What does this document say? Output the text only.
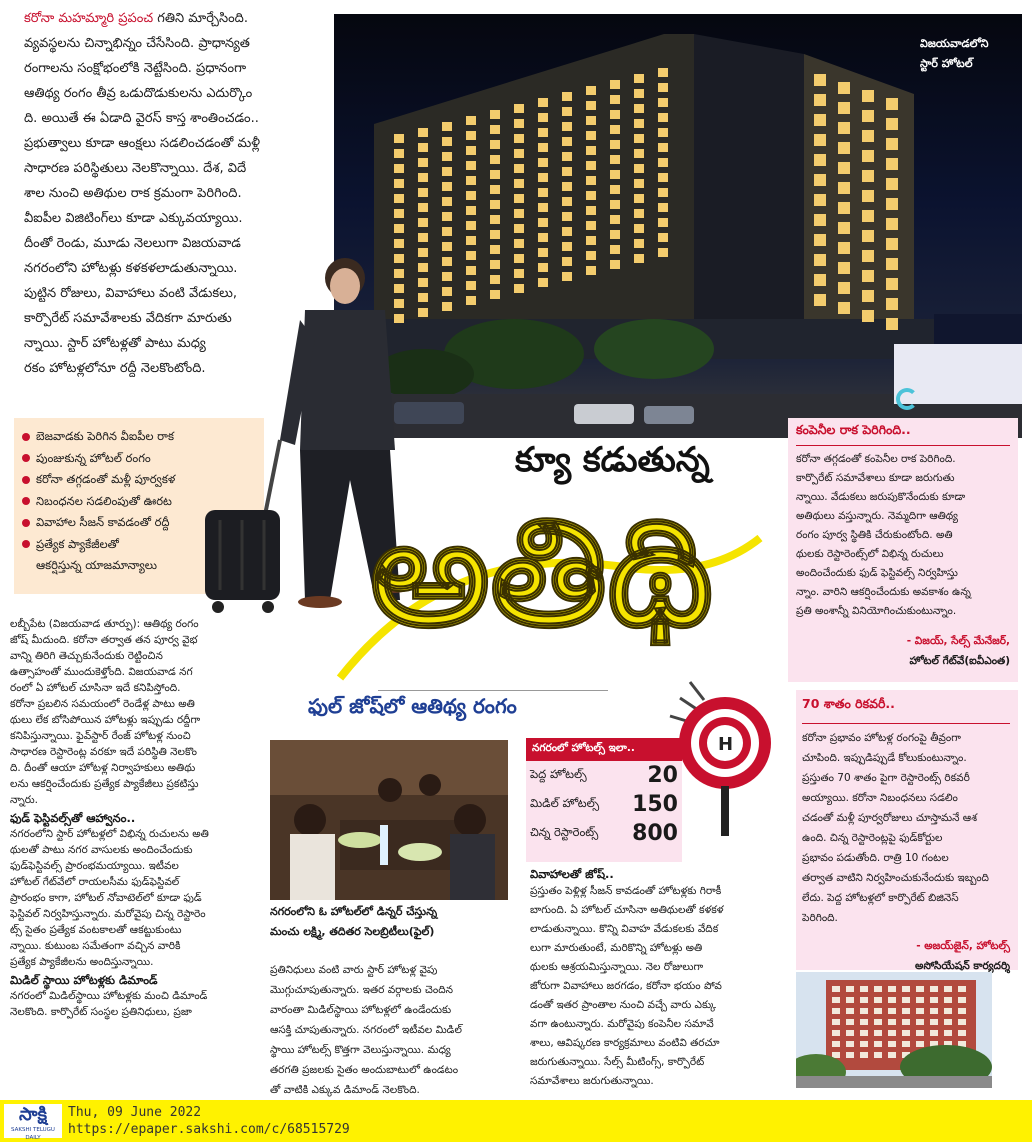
విజయవాడలోని
స్టార్ హోటల్

కరోనా మహమ్మారి ప్రపంచ గతిని మార్చేసింది.

వ్యవస్థలను చిన్నాభిన్నం చేసేసింది. ప్రాధాన్యత

రంగాలను సంక్షోభంలోకి నెట్టేసింది. ప్రధానంగా

ఆతిథ్య రంగం తీవ్ర ఒడుదొడుకులను ఎదుర్కొం

ది. అయితే ఈ ఏడాది వైరస్ కాస్త శాంతించడం..

ప్రభుత్వాలు కూడా ఆంక్షలు సడలించడంతో మళ్లీ

సాధారణ పరిస్థితులు నెలకొన్నాయి. దేశ, విదే

శాల నుంచి అతిథుల రాక క్రమంగా పెరిగింది.

వీఐపీల విజిటింగ్‌లు కూడా ఎక్కువయ్యాయి.

దీంతో రెండు, మూడు నెలలుగా విజయవాడ

నగరంలోని హోటళ్లు కళకళలాడుతున్నాయి.

పుట్టిన రోజులు, వివాహాలు వంటి వేడుకలు,

కార్పొరేట్ సమావేశాలకు వేదికగా మారుతు

న్నాయి. స్టార్ హోటళ్లతో పాటు మధ్య

రకం హోటళ్లలోనూ రద్దీ నెలకొంటోంది.

బెజవాడకు పెరిగిన వీఐపీల రాక
పుంజుకున్న హోటల్ రంగం
కరోనా తగ్గడంతో మళ్లీ పూర్వకళ
నిబంధనల సడలింపుతో ఊరట
వివాహాల సీజన్ కావడంతో రద్దీ
ప్రత్యేక ప్యాకేజీలతో
ఆకర్షిస్తున్న యాజమాన్యాలు
క్యూ కడుతున్న
అతిథి
ఫుల్ జోష్‌లో ఆతిథ్య రంగం
కంపెనీల రాక పెరిగింది..
కరోనా తగ్గడంతో కంపెనీల రాక పెరిగింది.
కార్పొరేట్ సమావేశాలు కూడా జరుగుతు
న్నాయి. వేడుకలు జరుపుకొనేందుకు కూడా
అతిథులు వస్తున్నారు. నెమ్మదిగా ఆతిథ్య
రంగం పూర్వ స్థితికి చేరుకుంటోంది. అతి
థులకు రెస్టారెంట్స్‌లో విభిన్న రుచులు
అందించేందుకు ఫుడ్ ఫెస్టివల్స్ నిర్వహిస్తు
న్నాం. వారిని ఆకర్షించేందుకు అవకాశం ఉన్న
ప్రతి అంశాన్నీ వినియోగించుకుంటున్నాం.
- విజయ్, సేల్స్ మేనేజర్,
హోటల్ గేట్‌వే(ఐవీఎంత)
70 శాతం రికవరీ..
కరోనా ప్రభావం హోటళ్ల రంగంపై తీవ్రంగా
చూపింది. ఇప్పుడిప్పుడే కోలుకుంటున్నాం.
ప్రస్తుతం 70 శాతం పైగా రెస్టారెంట్స్ రికవరీ
అయ్యాయి. కరోనా నిబంధనలు సడలిం
చడంతో మళ్లీ పూర్వరోజులు చూస్తామనే ఆశ
ఉంది. చిన్న రెస్టారెంట్లపై ఫుడ్‌కోర్టుల
ప్రభావం పడుతోంది. రాత్రి 10 గంటల
తర్వాత వాటిని నిర్వహించుకునేందుకు ఇబ్బంది
లేదు. పెద్ద హోటళ్లలో కార్పొరేట్ బిజినెస్
పెరిగింది.
- అజయ్‌జైన్, హోటల్స్
అసోసియేషన్ కార్యదర్శి
H
నగరంలో హోటల్స్ ఇలా..
పెద్ద హోటల్స్	20
మిడిల్ హోటల్స్ 150
చిన్న రెస్టారెంట్స్ 800
నగరంలోని ఓ హోటల్‌లో డిన్నర్ చేస్తున్న
మంచు లక్ష్మి, తదితర సెలబ్రిటీలు(ఫైల్)
లబ్బీపేట (విజయవాడ తూర్పు): ఆతిథ్య రంగం
జోష్ మీదుంది. కరోనా తర్వాత తన పూర్వ వైభ
వాన్ని తిరిగి తెచ్చుకునేందుకు రెట్టించిన
ఉత్సాహంతో ముందుకెళ్తోంది. విజయవాడ నగ
రంలో ఏ హోటల్ చూసినా ఇదే కనిపిస్తోంది.
కరోనా ప్రబలిన సమయంలో రెండేళ్ల పాటు అతి
థులు లేక బోసిపోయిన హోటళ్లు ఇప్పుడు రద్దీగా
కనిపిస్తున్నాయి. ఫైవ్‌స్టార్ రేంజ్ హోటళ్ల నుంచి
సాధారణ రెస్టారెంట్ల వరకూ ఇదే పరిస్థితి నెలకొం
ది. దీంతో ఆయా హోటళ్ల నిర్వాహకులు అతిథు
లను ఆకర్షించేందుకు ప్రత్యేక ప్యాకేజీలు ప్రకటిస్తు
న్నారు.
ఫుడ్ ఫెస్టివల్స్‌తో ఆహ్వానం..
నగరంలోని స్టార్ హోటళ్లలో విభిన్న రుచులను అతి
థులతో పాటు నగర వాసులకు అందించేందుకు
ఫుడ్‌ఫెస్టివల్స్ ప్రారంభమయ్యాయి. ఇటీవల
హోటల్ గేట్‌వేలో రాయలసీమ ఫుడ్‌ఫెస్టివల్
ప్రారంభం కాగా, హోటల్ నోవాటెల్‌లో కూడా ఫుడ్
ఫెస్టివల్ నిర్వహిస్తున్నారు. మరోవైపు చిన్న రెస్టారెం
ట్స్ సైతం ప్రత్యేక వంటకాలతో ఆకట్టుకుంటు
న్నాయి. కుటుంబ సమేతంగా వచ్చిన వారికి
ప్రత్యేక ప్యాకేజీలను అందిస్తున్నాయి.
మిడిల్ స్థాయి హోటళ్లకు డిమాండ్
నగరంలో మిడిల్‌స్థాయి హోటళ్లకు మంచి డిమాండ్
నెలకొంది. కార్పొరేట్ సంస్థల ప్రతినిధులు, ప్రజా
ప్రతినిధులు వంటి వారు స్టార్ హోటళ్ల వైపు
మొగ్గుచూపుతున్నారు. ఇతర వర్గాలకు చెందిన
వారంతా మిడిల్‌స్థాయి హోటళ్లలో ఉండేందుకు
ఆసక్తి చూపుతున్నారు. నగరంలో ఇటీవల మిడిల్
స్థాయి హోటల్స్ కొత్తగా వెలుస్తున్నాయి. మధ్య
తరగతి ప్రజలకు సైతం అందుబాటులో ఉండటం
తో వాటికి ఎక్కువ డిమాండ్ నెలకొంది.
వివాహాలతో జోష్..
ప్రస్తుతం పెళ్లిళ్ల సీజన్ కావడంతో హోటళ్లకు గిరాకీ
బాగుంది. ఏ హోటల్ చూసినా అతిథులతో కళకళ
లాడుతున్నాయి. కొన్ని వివాహ వేడుకలకు వేదిక
లుగా మారుతుంటే, మరికొన్ని హోటళ్లు అతి
థులకు ఆశ్రయమిస్తున్నాయి. నెల రోజులుగా
జోరుగా వివాహాలు జరగడం, కరోనా భయం పోవ
డంతో ఇతర ప్రాంతాల నుంచి వచ్చే వారు ఎక్కు
వగా ఉంటున్నారు. మరోవైపు కంపెనీల సమావే
శాలు, ఆవిష్కరణ కార్యక్రమాలు వంటివి తరచూ
జరుగుతున్నాయి. సేల్స్ మీటింగ్స్, కార్పొరేట్
సమావేశాలు జరుగుతున్నాయి.
సాక్షి
SAKSHI TELUGU DAILY
Thu, 09 June 2022
https://epaper.sakshi.com/c/68515729
